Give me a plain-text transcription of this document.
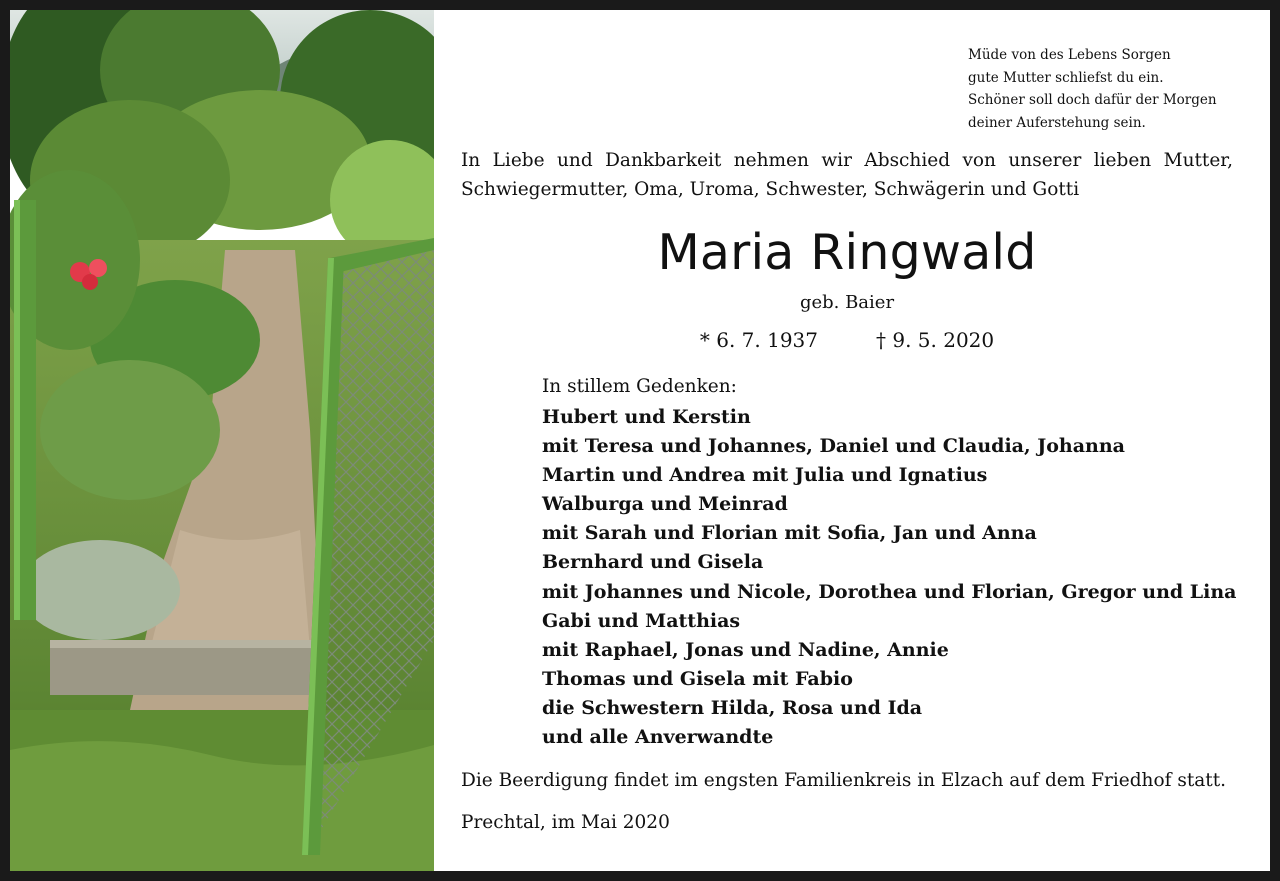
Müde von des Lebens Sorgen
gute Mutter schliefst du ein.
Schöner soll doch dafür der Morgen
deiner Auferstehung sein.
In Liebe und Dankbarkeit nehmen wir Abschied von unserer lieben Mutter,
Schwiegermutter, Oma, Uroma, Schwester, Schwägerin und Gotti
Maria Ringwald
geb. Baier
* 6. 7. 1937	† 9. 5. 2020
In stillem Gedenken:
Hubert und Kerstin
mit Teresa und Johannes, Daniel und Claudia, Johanna
Martin und Andrea mit Julia und Ignatius
Walburga und Meinrad
mit Sarah und Florian mit Sofia, Jan und Anna
Bernhard und Gisela
mit Johannes und Nicole, Dorothea und Florian, Gregor und Lina
Gabi und Matthias
mit Raphael, Jonas und Nadine, Annie
Thomas und Gisela mit Fabio
die Schwestern Hilda, Rosa und Ida
und alle Anverwandte
Die Beerdigung findet im engsten Familienkreis in Elzach auf dem Friedhof statt.
Prechtal, im Mai 2020
